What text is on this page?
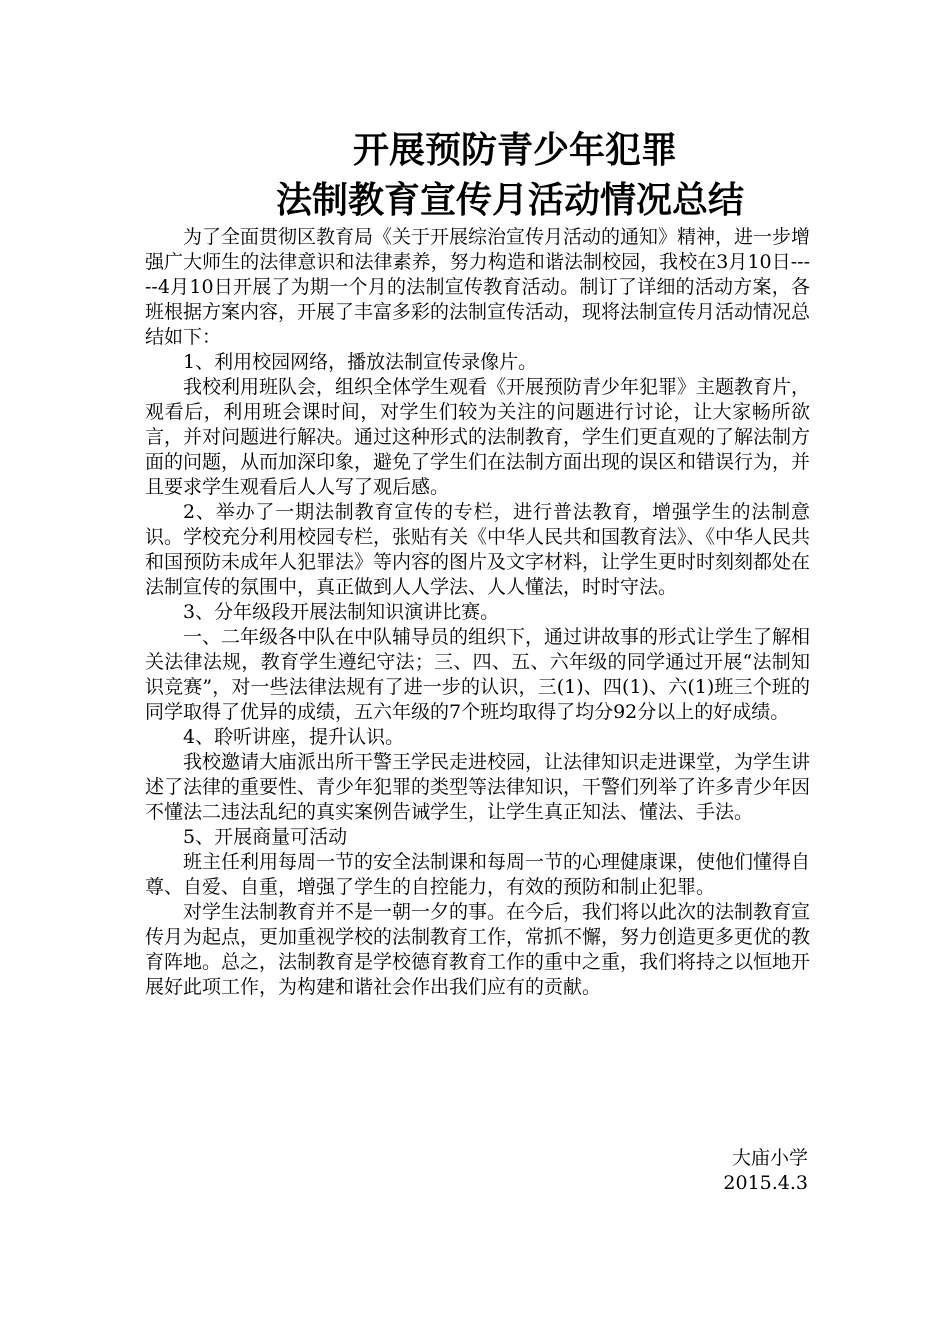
开展预防青少年犯罪
法制教育宣传月活动情况总结

为了全面贯彻区教育局《关于开展综治宣传月活动的通知》精神，进一步增强广大师生的法律意识和法律素养，努力构造和谐法制校园，我校在3月10日-----4月10日开展了为期一个月的法制宣传教育活动。制订了详细的活动方案，各班根据方案内容，开展了丰富多彩的法制宣传活动，现将法制宣传月活动情况总结如下：

1、利用校园网络，播放法制宣传录像片。

我校利用班队会，组织全体学生观看《开展预防青少年犯罪》主题教育片，观看后，利用班会课时间，对学生们较为关注的问题进行讨论，让大家畅所欲言，并对问题进行解决。通过这种形式的法制教育，学生们更直观的了解法制方面的问题，从而加深印象，避免了学生们在法制方面出现的误区和错误行为，并且要求学生观看后人人写了观后感。

2、举办了一期法制教育宣传的专栏，进行普法教育，增强学生的法制意识。学校充分利用校园专栏，张贴有关《中华人民共和国教育法》、《中华人民共和国预防未成年人犯罪法》等内容的图片及文字材料，让学生更时时刻刻都处在法制宣传的氛围中，真正做到人人学法、人人懂法，时时守法。

3、分年级段开展法制知识演讲比赛。

一、二年级各中队在中队辅导员的组织下，通过讲故事的形式让学生了解相关法律法规，教育学生遵纪守法；三、四、五、六年级的同学通过开展“法制知识竞赛”，对一些法律法规有了进一步的认识，三(1)、四(1)、六(1)班三个班的同学取得了优异的成绩，五六年级的7个班均取得了均分92分以上的好成绩。

4、聆听讲座，提升认识。

我校邀请大庙派出所干警王学民走进校园，让法律知识走进课堂，为学生讲述了法律的重要性、青少年犯罪的类型等法律知识，干警们列举了许多青少年因不懂法二违法乱纪的真实案例告诫学生，让学生真正知法、懂法、手法。

5、开展商量可活动

班主任利用每周一节的安全法制课和每周一节的心理健康课，使他们懂得自尊、自爱、自重，增强了学生的自控能力，有效的预防和制止犯罪。

对学生法制教育并不是一朝一夕的事。在今后，我们将以此次的法制教育宣传月为起点，更加重视学校的法制教育工作，常抓不懈，努力创造更多更优的教育阵地。总之，法制教育是学校德育教育工作的重中之重，我们将持之以恒地开展好此项工作，为构建和谐社会作出我们应有的贡献。

大庙小学
2015.4.3
